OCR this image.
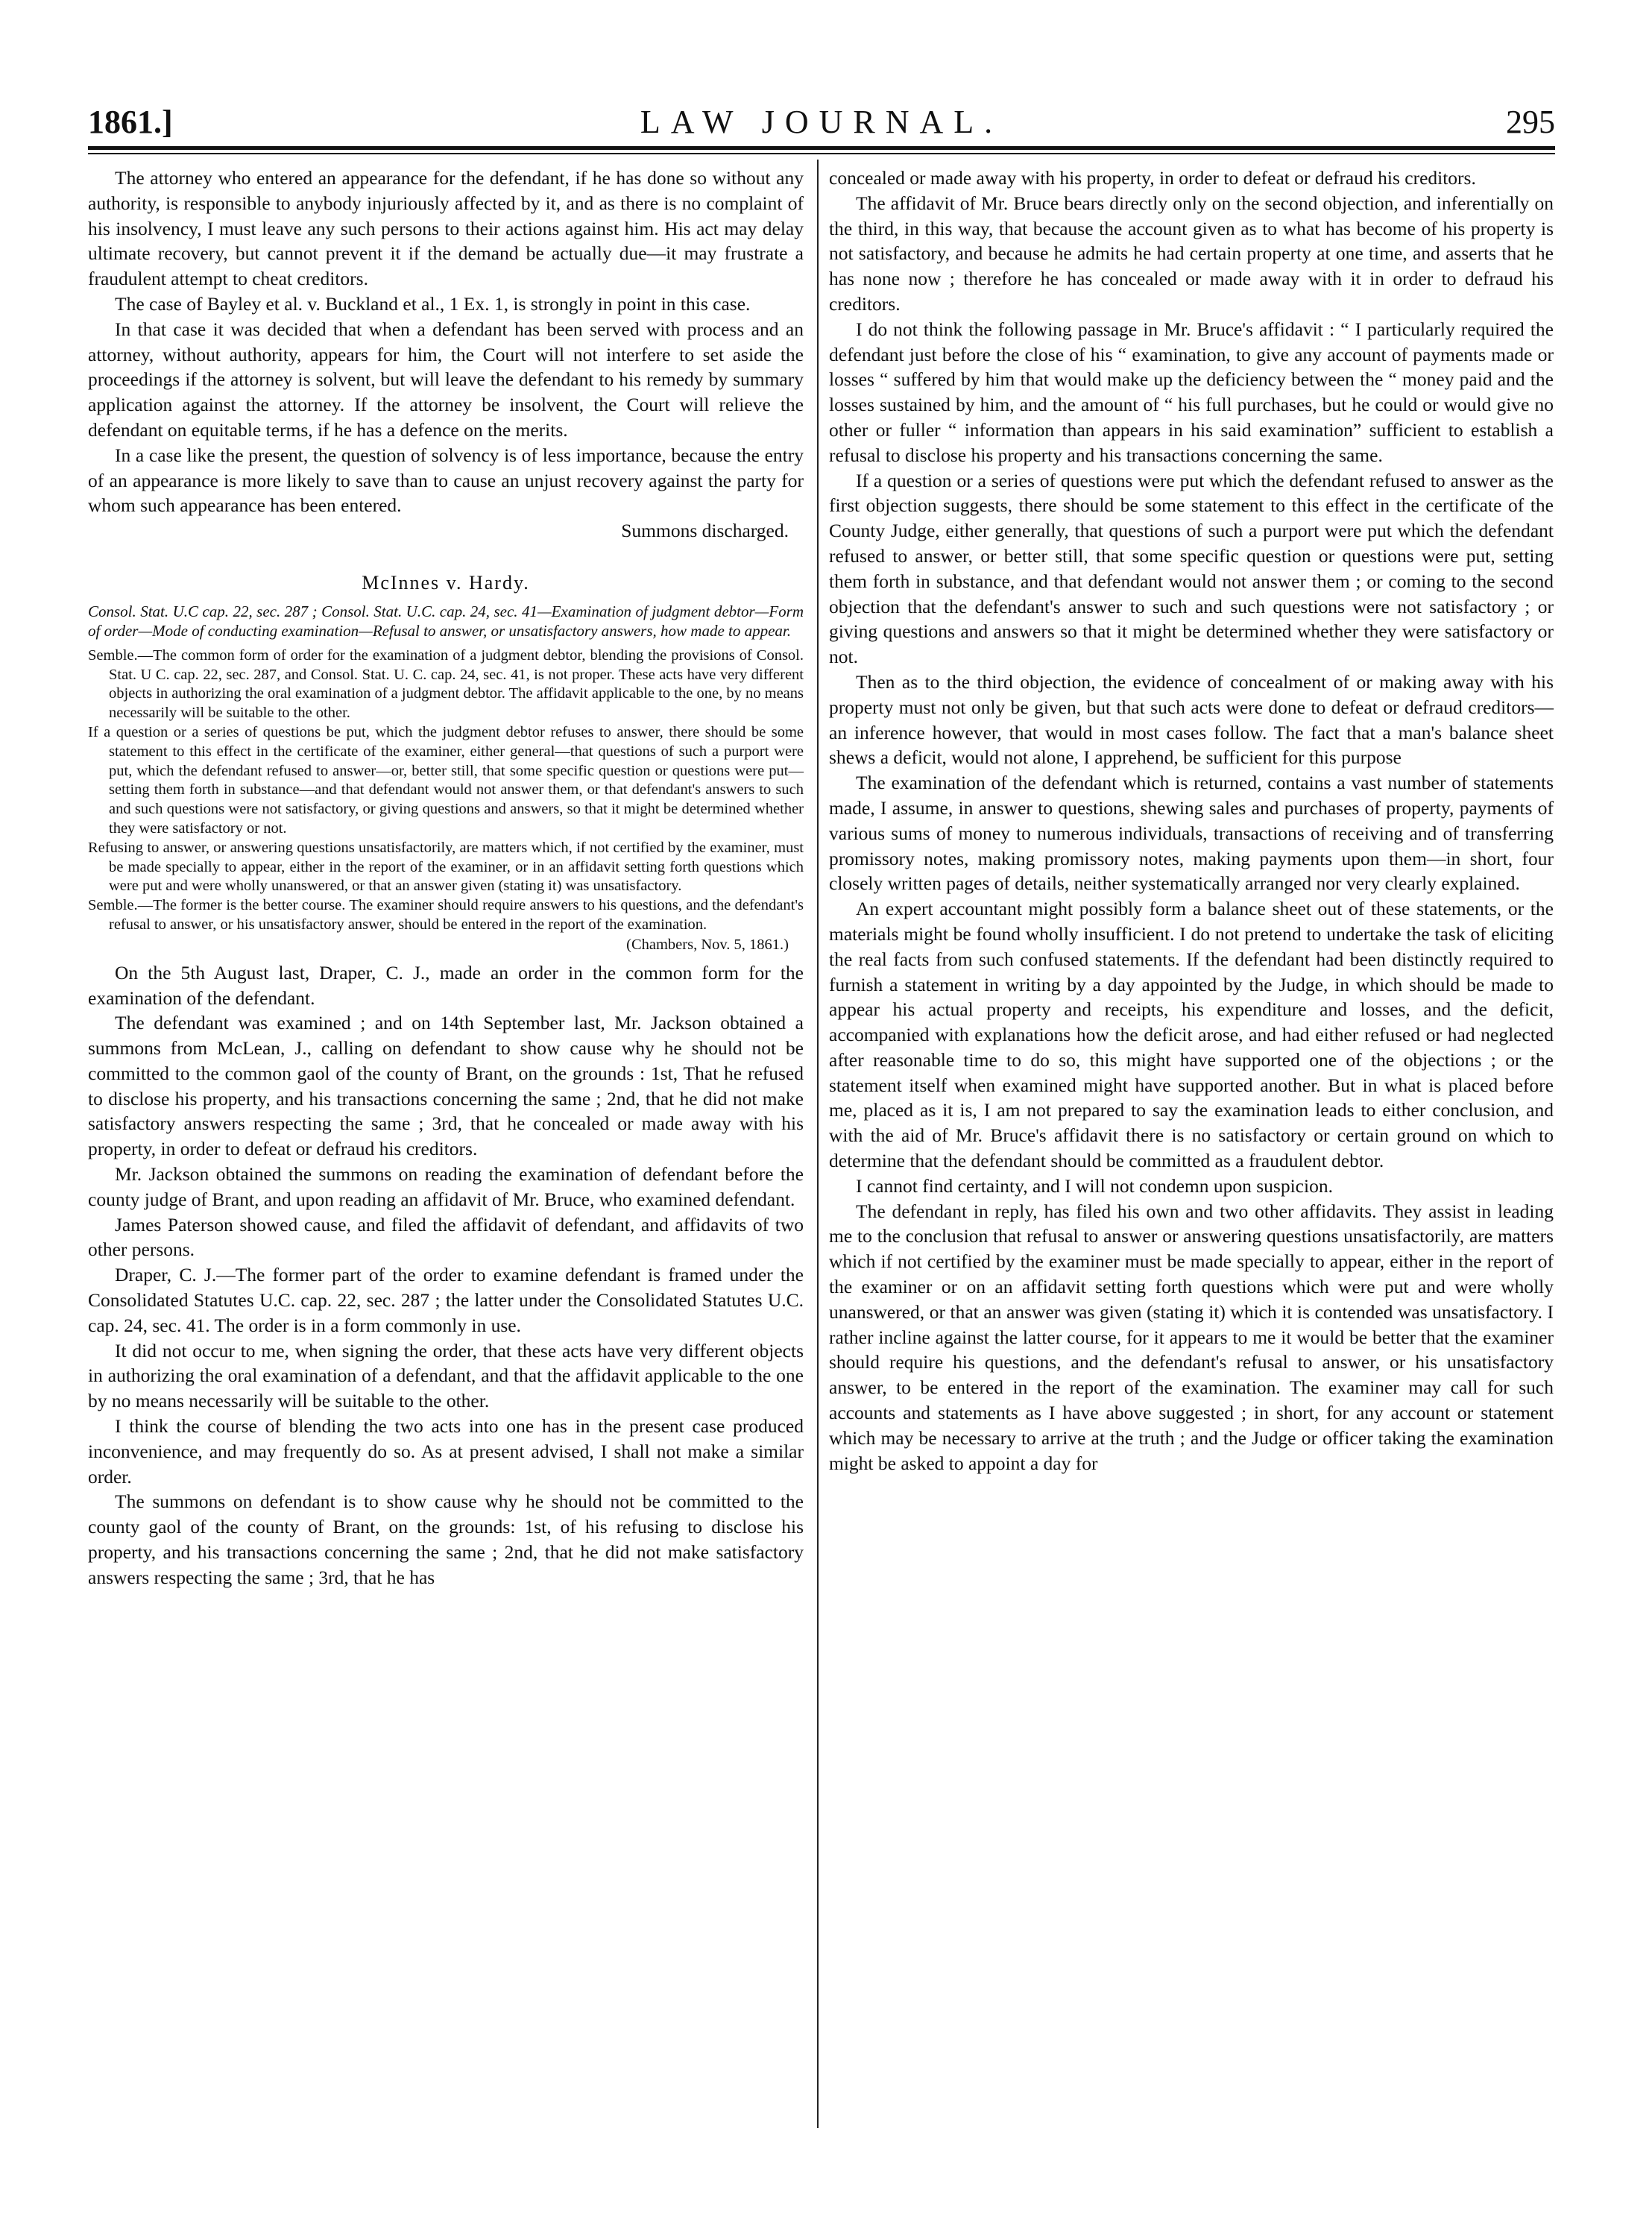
1861.]	LAW JOURNAL.	295

The attorney who entered an appearance for the defendant, if he has done so without any authority, is responsible to anybody injuriously affected by it, and as there is no complaint of his insolvency, I must leave any such persons to their actions against him. His act may delay ultimate recovery, but cannot prevent it if the demand be actually due—it may frustrate a fraudulent attempt to cheat creditors.

The case of Bayley et al. v. Buckland et al., 1 Ex. 1, is strongly in point in this case.

In that case it was decided that when a defendant has been served with process and an attorney, without authority, appears for him, the Court will not interfere to set aside the proceedings if the attorney is solvent, but will leave the defendant to his remedy by summary application against the attorney. If the attorney be insolvent, the Court will relieve the defendant on equitable terms, if he has a defence on the merits.

In a case like the present, the question of solvency is of less importance, because the entry of an appearance is more likely to save than to cause an unjust recovery against the party for whom such appearance has been entered.

Summons discharged.

McInnes v. Hardy.

Consol. Stat. U.C cap. 22, sec. 287 ; Consol. Stat. U.C. cap. 24, sec. 41—Examination of judgment debtor—Form of order—Mode of conducting examination—Refusal to answer, or unsatisfactory answers, how made to appear.

Semble.—The common form of order for the examination of a judgment debtor, blending the provisions of Consol. Stat. U C. cap. 22, sec. 287, and Consol. Stat. U. C. cap. 24, sec. 41, is not proper. These acts have very different objects in authorizing the oral examination of a judgment debtor. The affidavit applicable to the one, by no means necessarily will be suitable to the other.

If a question or a series of questions be put, which the judgment debtor refuses to answer, there should be some statement to this effect in the certificate of the examiner, either general—that questions of such a purport were put, which the defendant refused to answer—or, better still, that some specific question or questions were put—setting them forth in substance—and that defendant would not answer them, or that defendant's answers to such and such questions were not satisfactory, or giving questions and answers, so that it might be determined whether they were satisfactory or not.

Refusing to answer, or answering questions unsatisfactorily, are matters which, if not certified by the examiner, must be made specially to appear, either in the report of the examiner, or in an affidavit setting forth questions which were put and were wholly unanswered, or that an answer given (stating it) was unsatisfactory.

Semble.—The former is the better course. The examiner should require answers to his questions, and the defendant's refusal to answer, or his unsatisfactory answer, should be entered in the report of the examination.

(Chambers, Nov. 5, 1861.)

On the 5th August last, Draper, C. J., made an order in the common form for the examination of the defendant.

The defendant was examined ; and on 14th September last, Mr. Jackson obtained a summons from McLean, J., calling on defendant to show cause why he should not be committed to the common gaol of the county of Brant, on the grounds : 1st, That he refused to disclose his property, and his transactions concerning the same ; 2nd, that he did not make satisfactory answers respecting the same ; 3rd, that he concealed or made away with his property, in order to defeat or defraud his creditors.

Mr. Jackson obtained the summons on reading the examination of defendant before the county judge of Brant, and upon reading an affidavit of Mr. Bruce, who examined defendant.

James Paterson showed cause, and filed the affidavit of defendant, and affidavits of two other persons.

Draper, C. J.—The former part of the order to examine defendant is framed under the Consolidated Statutes U.C. cap. 22, sec. 287 ; the latter under the Consolidated Statutes U.C. cap. 24, sec. 41. The order is in a form commonly in use.

It did not occur to me, when signing the order, that these acts have very different objects in authorizing the oral examination of a defendant, and that the affidavit applicable to the one by no means necessarily will be suitable to the other.

I think the course of blending the two acts into one has in the present case produced inconvenience, and may frequently do so. As at present advised, I shall not make a similar order.

The summons on defendant is to show cause why he should not be committed to the county gaol of the county of Brant, on the grounds: 1st, of his refusing to disclose his property, and his transactions concerning the same ; 2nd, that he did not make satisfactory answers respecting the same ; 3rd, that he has

concealed or made away with his property, in order to defeat or defraud his creditors.

The affidavit of Mr. Bruce bears directly only on the second objection, and inferentially on the third, in this way, that because the account given as to what has become of his property is not satisfactory, and because he admits he had certain property at one time, and asserts that he has none now ; therefore he has concealed or made away with it in order to defraud his creditors.

I do not think the following passage in Mr. Bruce's affidavit : “ I particularly required the defendant just before the close of his “ examination, to give any account of payments made or losses “ suffered by him that would make up the deficiency between the “ money paid and the losses sustained by him, and the amount of “ his full purchases, but he could or would give no other or fuller “ information than appears in his said examination” sufficient to establish a refusal to disclose his property and his transactions concerning the same.

If a question or a series of questions were put which the defendant refused to answer as the first objection suggests, there should be some statement to this effect in the certificate of the County Judge, either generally, that questions of such a purport were put which the defendant refused to answer, or better still, that some specific question or questions were put, setting them forth in substance, and that defendant would not answer them ; or coming to the second objection that the defendant's answer to such and such questions were not satisfactory ; or giving questions and answers so that it might be determined whether they were satisfactory or not.

Then as to the third objection, the evidence of concealment of or making away with his property must not only be given, but that such acts were done to defeat or defraud creditors—an inference however, that would in most cases follow. The fact that a man's balance sheet shews a deficit, would not alone, I apprehend, be sufficient for this purpose

The examination of the defendant which is returned, contains a vast number of statements made, I assume, in answer to questions, shewing sales and purchases of property, payments of various sums of money to numerous individuals, transactions of receiving and of transferring promissory notes, making promissory notes, making payments upon them—in short, four closely written pages of details, neither systematically arranged nor very clearly explained.

An expert accountant might possibly form a balance sheet out of these statements, or the materials might be found wholly insufficient. I do not pretend to undertake the task of eliciting the real facts from such confused statements. If the defendant had been distinctly required to furnish a statement in writing by a day appointed by the Judge, in which should be made to appear his actual property and receipts, his expenditure and losses, and the deficit, accompanied with explanations how the deficit arose, and had either refused or had neglected after reasonable time to do so, this might have supported one of the objections ; or the statement itself when examined might have supported another. But in what is placed before me, placed as it is, I am not prepared to say the examination leads to either conclusion, and with the aid of Mr. Bruce's affidavit there is no satisfactory or certain ground on which to determine that the defendant should be committed as a fraudulent debtor.

I cannot find certainty, and I will not condemn upon suspicion.

The defendant in reply, has filed his own and two other affidavits. They assist in leading me to the conclusion that refusal to answer or answering questions unsatisfactorily, are matters which if not certified by the examiner must be made specially to appear, either in the report of the examiner or on an affidavit setting forth questions which were put and were wholly unanswered, or that an answer was given (stating it) which it is contended was unsatisfactory. I rather incline against the latter course, for it appears to me it would be better that the examiner should require his questions, and the defendant's refusal to answer, or his unsatisfactory answer, to be entered in the report of the examination. The examiner may call for such accounts and statements as I have above suggested ; in short, for any account or statement which may be necessary to arrive at the truth ; and the Judge or officer taking the examination might be asked to appoint a day for
